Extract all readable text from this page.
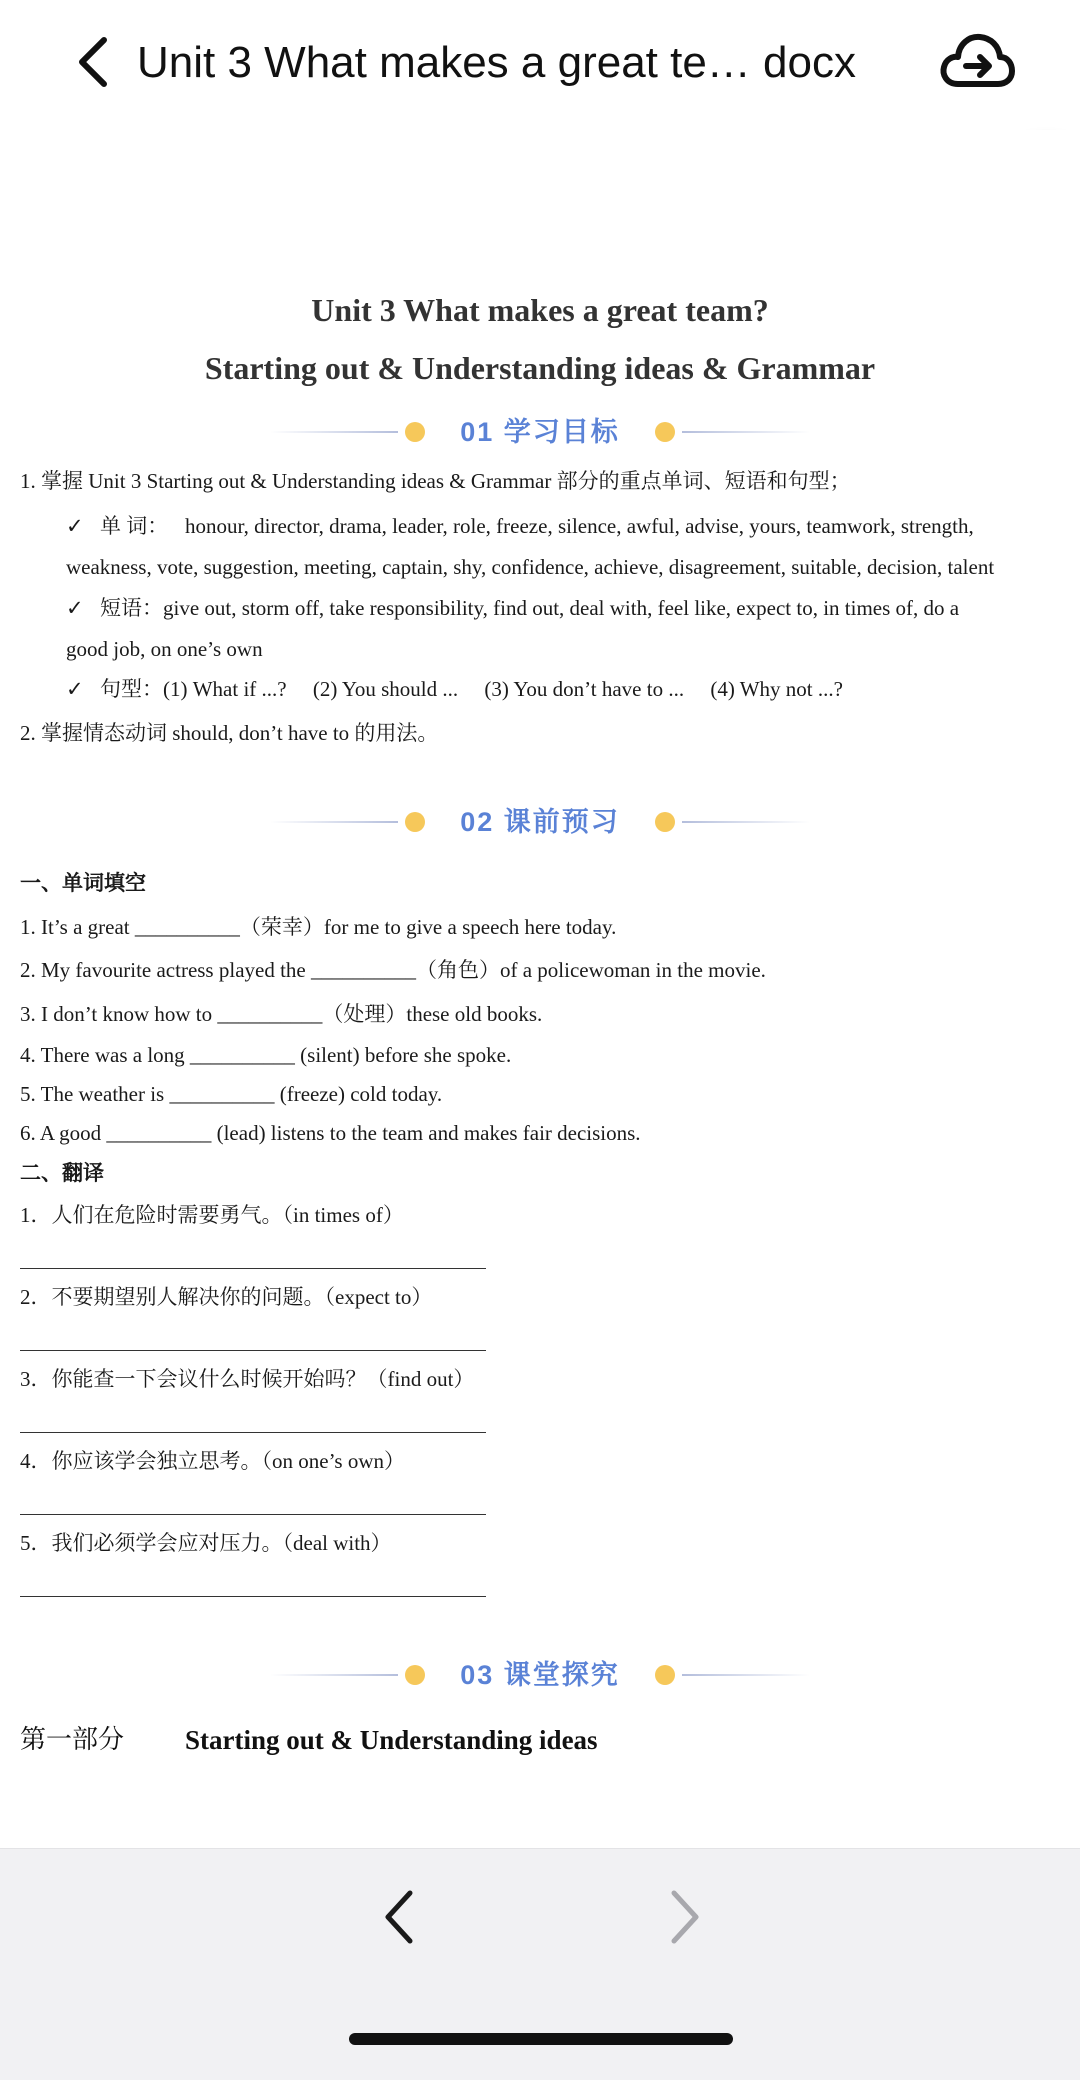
Unit 3 What makes a great te… docx
Unit 3 What makes a great team?
Starting out & Understanding ideas & Grammar
01 学习目标
1. 掌握 Unit 3 Starting out & Understanding ideas & Grammar 部分的重点单词、短语和句型；
✓ 单 词： honour, director, drama, leader, role, freeze, silence, awful, advise, yours, teamwork, strength,
weakness, vote, suggestion, meeting, captain, shy, confidence, achieve, disagreement, suitable, decision, talent
✓ 短语：give out, storm off, take responsibility, find out, deal with, feel like, expect to, in times of, do a
good job, on one’s own
✓ 句型：(1) What if ...?     (2) You should ...     (3) You don’t have to ...     (4) Why not ...?
2. 掌握情态动词 should, don’t have to 的用法。
02 课前预习
一、单词填空
1. It’s a great __________（荣幸）for me to give a speech here today.
2. My favourite actress played the __________（角色）of a policewoman in the movie.
3. I don’t know how to __________（处理）these old books.
4. There was a long __________ (silent) before she spoke.
5. The weather is __________ (freeze) cold today.
6. A good __________ (lead) listens to the team and makes fair decisions.
二、翻译
1．人们在危险时需要勇气。（in times of）
2．不要期望别人解决你的问题。（expect to）
3．你能查一下会议什么时候开始吗？（find out）
4．你应该学会独立思考。（on one’s own）
5．我们必须学会应对压力。（deal with）
03 课堂探究
第一部分 Starting out & Understanding ideas
